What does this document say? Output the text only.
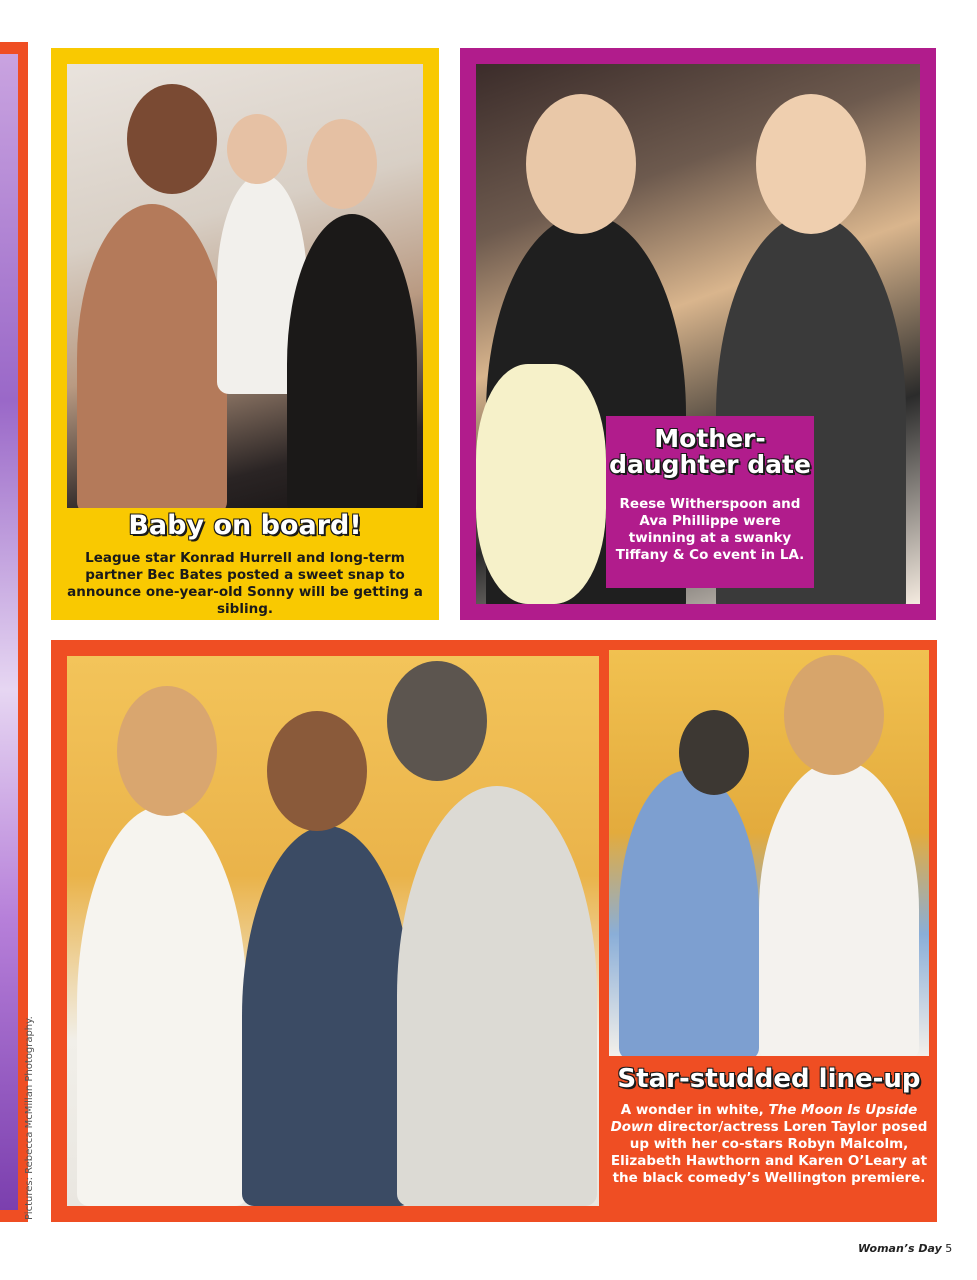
Pictures: Rebecca McMillan Photography.
Baby on board!
League star Konrad Hurrell and long-term partner Bec Bates posted a sweet snap to announce one-year-old Sonny will be getting a sibling.
Mother-daughter date
Reese Witherspoon and Ava Phillippe were twinning at a swanky Tiffany & Co event in LA.
Star-studded line-up
A wonder in white, The Moon Is Upside Down director/actress Loren Taylor posed up with her co-stars Robyn Malcolm, Elizabeth Hawthorn and Karen O’Leary at the black comedy’s Wellington premiere.
Woman’s Day 5
